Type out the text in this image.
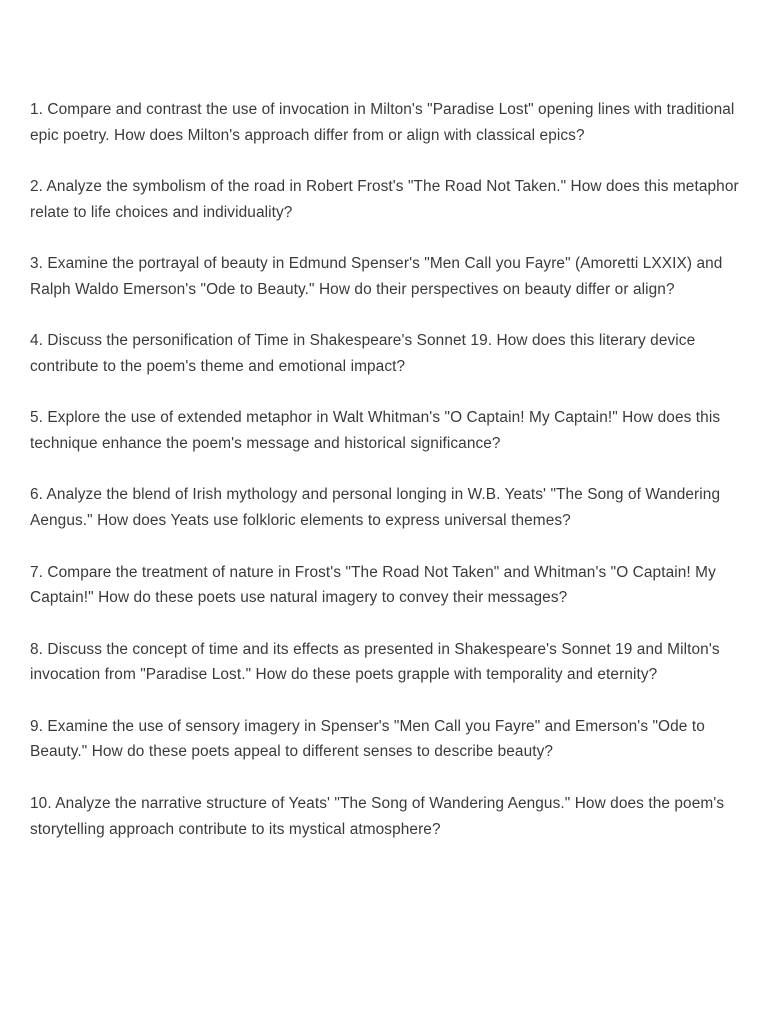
1. Compare and contrast the use of invocation in Milton's "Paradise Lost" opening lines with traditional epic poetry. How does Milton's approach differ from or align with classical epics?

2. Analyze the symbolism of the road in Robert Frost's "The Road Not Taken." How does this metaphor relate to life choices and individuality?

3. Examine the portrayal of beauty in Edmund Spenser's "Men Call you Fayre" (Amoretti LXXIX) and Ralph Waldo Emerson's "Ode to Beauty." How do their perspectives on beauty differ or align?

4. Discuss the personification of Time in Shakespeare's Sonnet 19. How does this literary device contribute to the poem's theme and emotional impact?

5. Explore the use of extended metaphor in Walt Whitman's "O Captain! My Captain!" How does this technique enhance the poem's message and historical significance?

6. Analyze the blend of Irish mythology and personal longing in W.B. Yeats' "The Song of Wandering Aengus." How does Yeats use folkloric elements to express universal themes?

7. Compare the treatment of nature in Frost's "The Road Not Taken" and Whitman's "O Captain! My Captain!" How do these poets use natural imagery to convey their messages?

8. Discuss the concept of time and its effects as presented in Shakespeare's Sonnet 19 and Milton's invocation from "Paradise Lost." How do these poets grapple with temporality and eternity?

9. Examine the use of sensory imagery in Spenser's "Men Call you Fayre" and Emerson's "Ode to Beauty." How do these poets appeal to different senses to describe beauty?

10. Analyze the narrative structure of Yeats' "The Song of Wandering Aengus." How does the poem's storytelling approach contribute to its mystical atmosphere?
